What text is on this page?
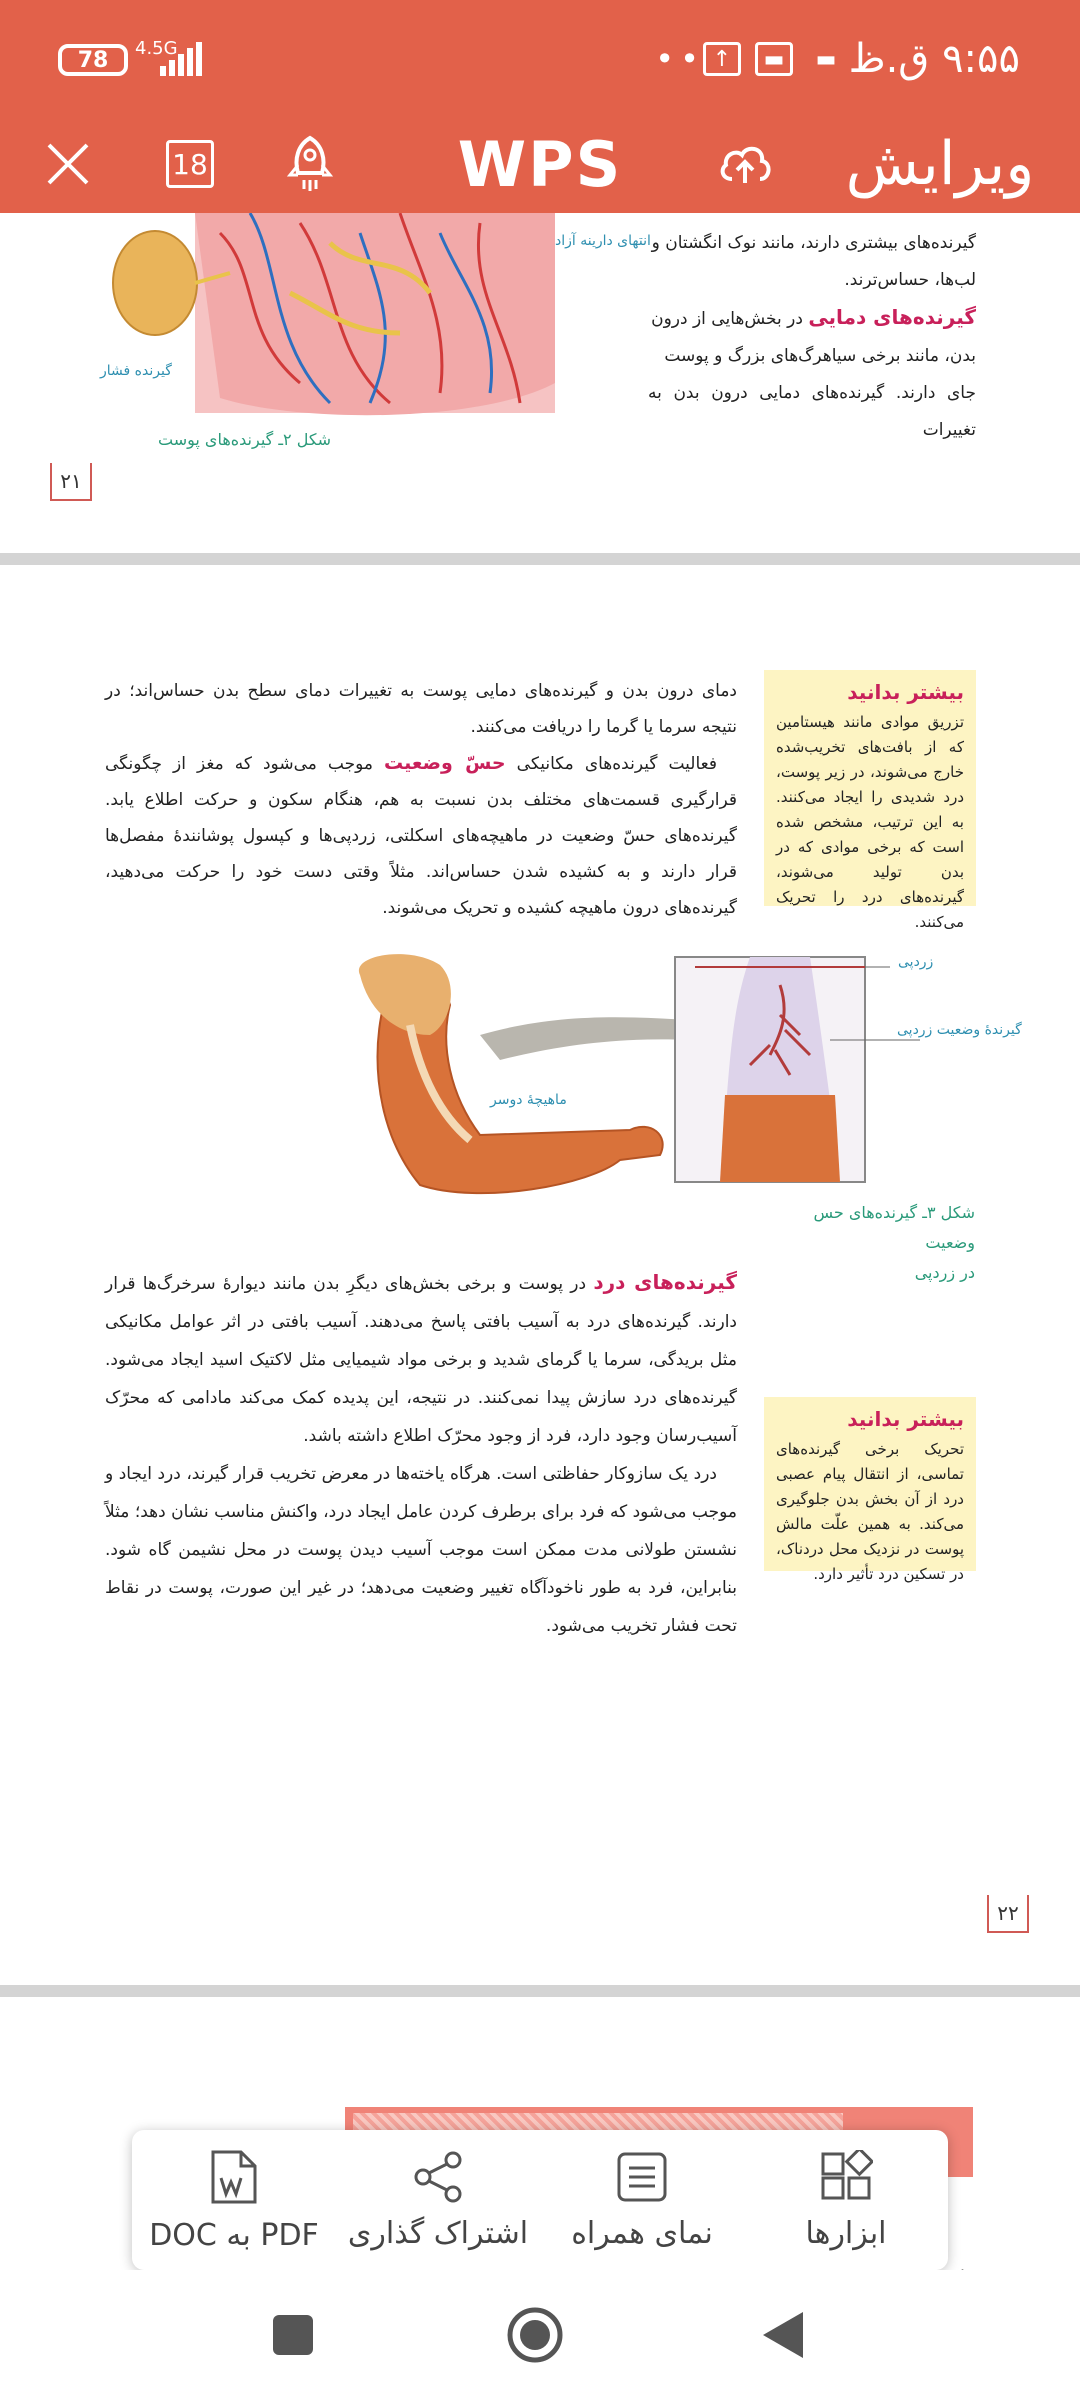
78 4.5G	•• ↑	▬	▬ ۹:۵۵ ق.ظ
18	WPS	ویرایش
انتهای دارینه آزاد
گیرنده فشار
شکل ۲ـ گیرنده‌های پوست
گیرنده‌های بیشتری دارند، مانند نوک انگشتان و
لب‌ها، حساس‌ترند.
گیرنده‌های دمایی در بخش‌هایی از درون
بدن، مانند برخی سیاهرگ‌های بزرگ و پوست
جای دارند. گیرنده‌های دمایی درون بدن به تغییرات
۲۱
بیشتر بدانید
تزریق موادی مانند هیستامین که از بافت‌های تخریب‌شده خارج می‌شوند، در زیر پوست، درد شدیدی را ایجاد می‌کنند. به این ترتیب، مشخص شده است که برخی موادی که در بدن تولید می‌شوند، گیرنده‌های درد را تحریک می‌کنند.
دمای درون بدن و گیرنده‌های دمایی پوست به تغییرات دمای سطح بدن حساس‌اند؛ در نتیجه سرما یا گرما را دریافت می‌کنند.
فعالیت گیرنده‌های مکانیکی حسّ وضعیت موجب می‌شود که مغز از چگونگی قرارگیری قسمت‌های مختلف بدن نسبت به هم، هنگام سکون و حرکت اطلاع یابد. گیرنده‌های حسّ وضعیت در ماهیچه‌های اسکلتی، زردپی‌ها و کپسول پوشانندهٔ مفصل‌ها قرار دارند و به کشیده شدن حساس‌اند. مثلاً وقتی دست خود را حرکت می‌دهید، گیرنده‌های درون ماهیچه کشیده و تحریک می‌شوند.
زردپی
گیرندهٔ وضعیت زردپی
ماهیچهٔ دوسر
شکل ۳ـ گیرنده‌های حس وضعیت
در زردپی
گیرنده‌های درد در پوست و برخی بخش‌های دیگرِ بدن مانند دیوارهٔ سرخرگ‌ها قرار دارند. گیرنده‌های درد به آسیب بافتی پاسخ می‌دهند. آسیب بافتی در اثر عوامل مکانیکی مثل بریدگی، سرما یا گرمای شدید و برخی مواد شیمیایی مثل لاکتیک اسید ایجاد می‌شود. گیرنده‌های درد سازش پیدا نمی‌کنند. در نتیجه، این پدیده کمک می‌کند مادامی که محرّک آسیب‌رسان وجود دارد، فرد از وجود محرّک اطلاع داشته باشد.
درد یک سازوکار حفاظتی است. هرگاه یاخته‌ها در معرض تخریب قرار گیرند، درد ایجاد و موجب می‌شود که فرد برای برطرف کردن عامل ایجاد درد، واکنش مناسب نشان دهد؛ مثلاً نشستن طولانی مدت ممکن است موجب آسیب دیدن پوست در محل نشیمن گاه شود. بنابراین، فرد به طور ناخودآگاه تغییر وضعیت می‌دهد؛ در غیر این صورت، پوست در نقاط تحت فشار تخریب می‌شود.
بیشتر بدانید
تحریک برخی گیرنده‌های تماسی، از انتقال پیام عصبی درد از آن بخش بدن جلوگیری می‌کند. به همین علّت مالش پوست در نزدیک محل دردناک، در تسکین درد تأثیر دارد.
۲۲
DOC به PDF اشتراک گذاری نمای همراه	ابزارها
